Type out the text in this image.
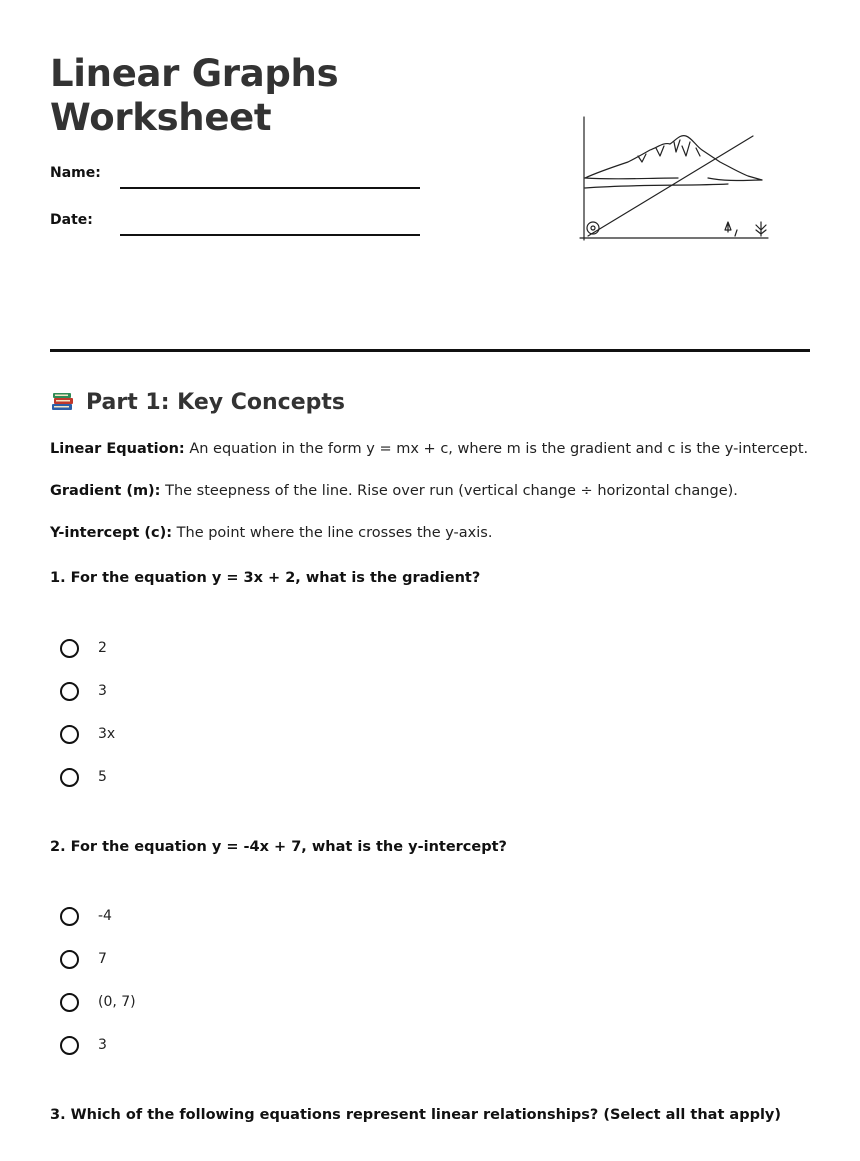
Linear Graphs
Worksheet
Name:
Date:
Part 1: Key Concepts

Linear Equation: An equation in the form y = mx + c, where m is the gradient and c is the y-intercept.

Gradient (m): The steepness of the line. Rise over run (vertical change ÷ horizontal change).

Y-intercept (c): The point where the line crosses the y-axis.

1. For the equation y = 3x + 2, what is the gradient?

2
3
3x
5

2. For the equation y = -4x + 7, what is the y-intercept?

-4
7
(0, 7)
3

3. Which of the following equations represent linear relationships? (Select all that apply)
